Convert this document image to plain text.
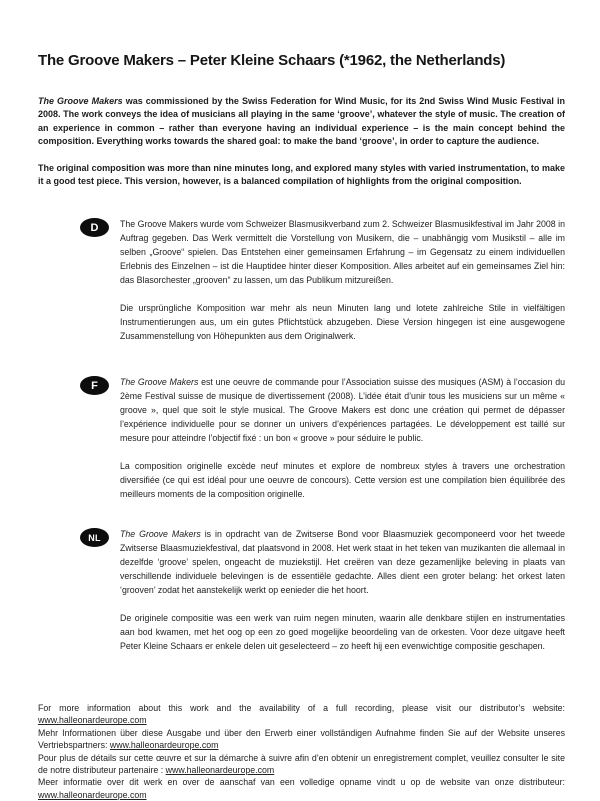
The Groove Makers – Peter Kleine Schaars (*1962, the Netherlands)

The Groove Makers was commissioned by the Swiss Federation for Wind Music, for its 2nd Swiss Wind Music Festival in 2008. The work conveys the idea of musicians all playing in the same ‘groove’, whatever the style of music. The creation of an experience in common – rather than everyone having an individual experience – is the main concept behind the composition. Everything works towards the shared goal: to make the band ‘groove’, in order to capture the audience.

The original composition was more than nine minutes long, and explored many styles with varied instrumentation, to make it a good test piece. This version, however, is a balanced compilation of highlights from the original composition.

D	The Groove Makers wurde vom Schweizer Blasmusikverband zum 2. Schweizer Blasmusikfestival im Jahr 2008 in Auftrag gegeben. Das Werk vermittelt die Vorstellung von Musikern, die – unabhängig vom Musikstil – alle im selben „Groove“ spielen. Das Entstehen einer gemeinsamen Erfahrung – im Gegensatz zu einem individuellen Erlebnis des Einzelnen – ist die Hauptidee hinter dieser Komposition. Alles arbeitet auf ein gemeinsames Ziel hin: das Blasorchester „grooven“ zu lassen, um das Publikum mitzureißen.

Die ursprüngliche Komposition war mehr als neun Minuten lang und lotete zahlreiche Stile in vielfältigen Instrumentierungen aus, um ein gutes Pflichtstück abzugeben. Diese Version hingegen ist eine ausgewogene Zusammenstellung von Höhepunkten aus dem Originalwerk.

F	The Groove Makers est une oeuvre de commande pour l’Association suisse des musiques (ASM) à l’occasion du 2ème Festival suisse de musique de divertissement (2008). L’idée était d’unir tous les musiciens sur un même « groove », quel que soit le style musical. The Groove Makers est donc une création qui permet de dépasser l’expérience individuelle pour se donner un univers d’expériences partagées. Le développement est taillé sur mesure pour atteindre l’objectif fixé : un bon « groove » pour séduire le public.

La composition originelle excède neuf minutes et explore de nombreux styles à travers une orchestration diversifiée (ce qui est idéal pour une oeuvre de concours). Cette version est une compilation bien équilibrée des meilleurs moments de la composition originelle.

NL	The Groove Makers is in opdracht van de Zwitserse Bond voor Blaasmuziek gecomponeerd voor het tweede Zwitserse Blaasmuziekfestival, dat plaatsvond in 2008. Het werk staat in het teken van muzikanten die allemaal in dezelfde ‘groove’ spelen, ongeacht de muziekstijl. Het creëren van deze gezamenlijke beleving in plaats van verschillende individuele belevingen is de essentiële gedachte. Alles dient een groter belang: het orkest laten ‘grooven’ zodat het aanstekelijk werkt op eenieder die het hoort.

De originele compositie was een werk van ruim negen minuten, waarin alle denkbare stijlen en instrumentaties aan bod kwamen, met het oog op een zo goed mogelijke beoordeling van de orkesten. Voor deze uitgave heeft Peter Kleine Schaars er enkele delen uit geselecteerd – zo heeft hij een evenwichtige compositie geschapen.

For more information about this work and the availability of a full recording, please visit our distributor’s website: www.halleonardeurope.com

Mehr Informationen über diese Ausgabe und über den Erwerb einer vollständigen Aufnahme finden Sie auf der Website unseres Vertriebspartners: www.halleonardeurope.com

Pour plus de détails sur cette œuvre et sur la démarche à suivre afin d’en obtenir un enregistrement complet, veuillez consulter le site de notre distributeur partenaire : www.halleonardeurope.com

Meer informatie over dit werk en over de aanschaf van een volledige opname vindt u op de website van onze distributeur: www.halleonardeurope.com
